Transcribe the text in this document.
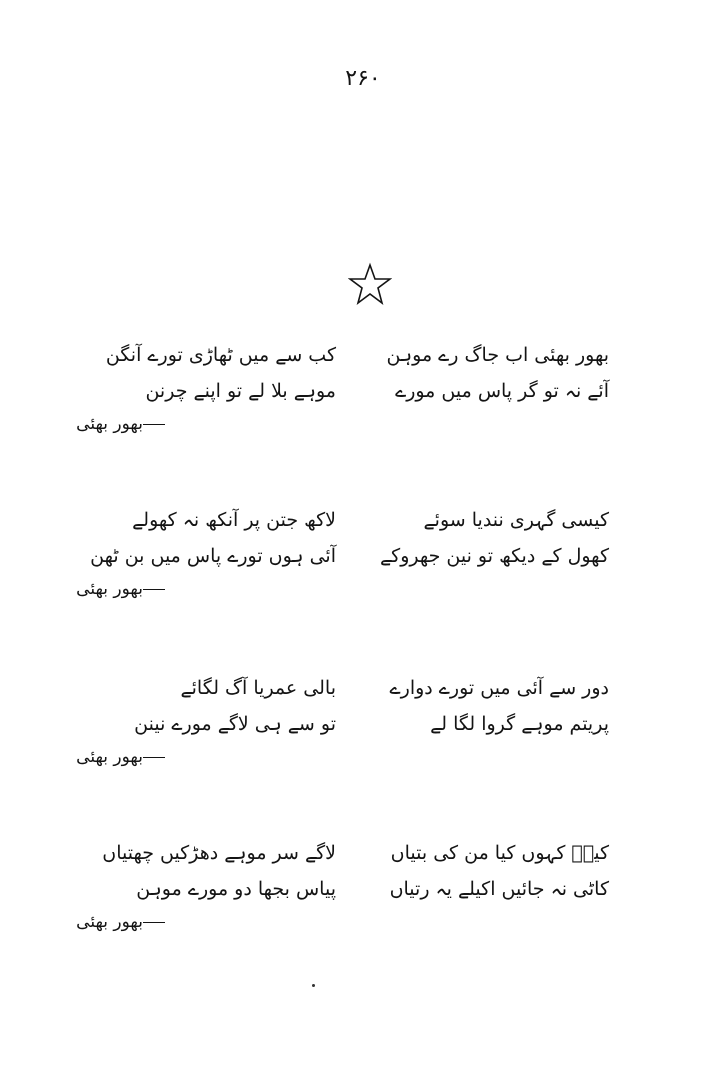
۲۶۰
بھور بھئی اب جاگ رے موہن
آئے نہ تو گر پاس میں مورے
کب سے میں ٹھاڑی تورے آنگن
موہے بلا لے تو اپنے چرنن
بھور بھئی
کیسی گہری نندیا سوئے
کھول کے دیکھ تو نین جھروکے
لاکھ جتن پر آنکھ نہ کھولے
آئی ہوں تورے پاس میں بن ٹھن
بھور بھئی
دور سے آئی میں تورے دوارے
پریتم موہے گروا لگا لے
بالی عمریا آگ لگائے
تو سے ہی لاگے مورے نینن
بھور بھئی
کیفؔ کہوں کیا من کی بتیاں
کاٹی نہ جائیں اکیلے یہ رتیاں
لاگے سر موہے دھڑکیں چھتیاں
پیاس بجھا دو مورے موہن
بھور بھئی
